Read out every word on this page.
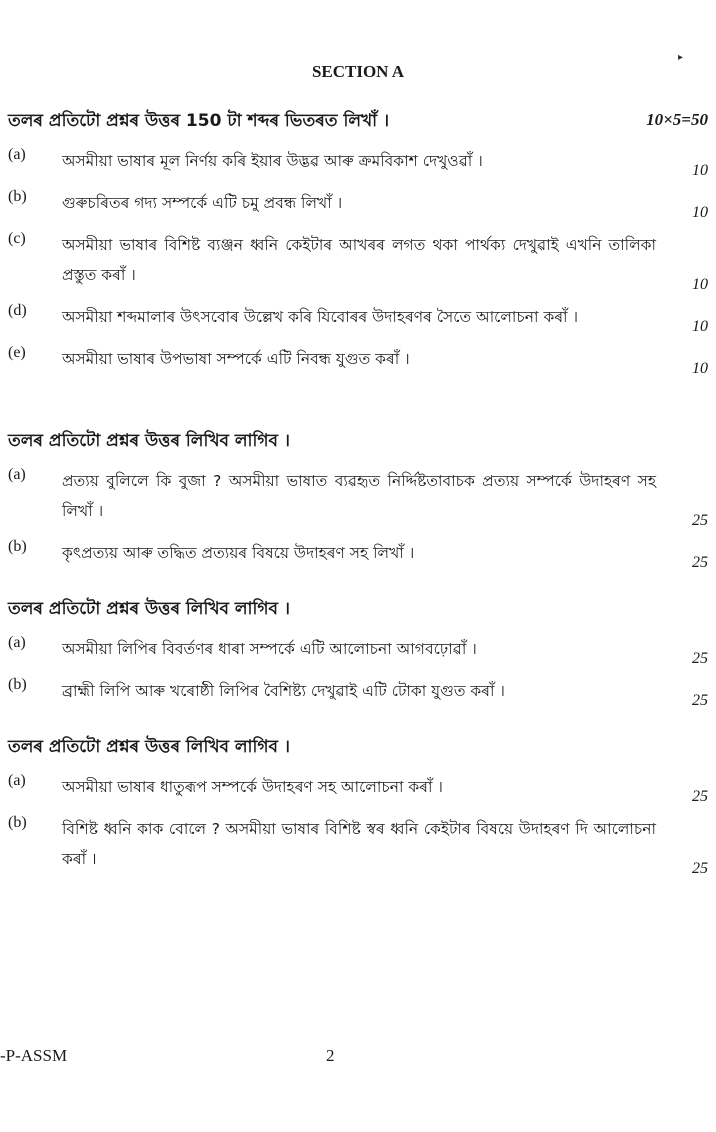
SECTION A
▸
তলৰ প্ৰতিটো প্ৰশ্নৰ উত্তৰ 150 টা শব্দৰ ভিতৰত লিখাঁ ।	10×5=50
(a) অসমীয়া ভাষাৰ মূল নিৰ্ণয় কৰি ইয়াৰ উদ্ভৱ আৰু ক্ৰমবিকাশ দেখুওৱাঁ ।
10
(b) গুৰুচৰিতৰ গদ্য সম্পৰ্কে এটি চমু প্ৰবন্ধ লিখাঁ ।
10
(c) অসমীয়া ভাষাৰ বিশিষ্ট ব্যঞ্জন ধ্বনি কেইটাৰ আখৰৰ লগত থকা পাৰ্থক্য দেখুৱাই এখনি তালিকা প্ৰস্তুত কৰাঁ ।
10
(d) অসমীয়া শব্দমালাৰ উৎসবোৰ উল্লেখ কৰি যিবোৰৰ উদাহৰণৰ সৈতে আলোচনা কৰাঁ ।
10
(e) অসমীয়া ভাষাৰ উপভাষা সম্পৰ্কে এটি নিবন্ধ যুগুত কৰাঁ ।
10
তলৰ প্ৰতিটো প্ৰশ্নৰ উত্তৰ লিখিব লাগিব ।
(a) প্ৰত্যয় বুলিলে কি বুজা ? অসমীয়া ভাষাত ব্যৱহৃত নিৰ্দ্দিষ্টতাবাচক প্ৰত্যয় সম্পৰ্কে উদাহৰণ সহ লিখাঁ ।
25
(b) কৃৎপ্ৰত্যয় আৰু তদ্ধিত প্ৰত্যয়ৰ বিষয়ে উদাহৰণ সহ লিখাঁ ।
25
তলৰ প্ৰতিটো প্ৰশ্নৰ উত্তৰ লিখিব লাগিব ।
(a) অসমীয়া লিপিৰ বিবৰ্তণৰ ধাৰা সম্পৰ্কে এটি আলোচনা আগবঢ়োৱাঁ ।
25
(b) ব্ৰাহ্মী লিপি আৰু খৰোষ্ঠী লিপিৰ বৈশিষ্ট্য দেখুৱাই এটি টোকা যুগুত কৰাঁ ।
25
তলৰ প্ৰতিটো প্ৰশ্নৰ উত্তৰ লিখিব লাগিব ।
(a) অসমীয়া ভাষাৰ ধাতুৰূপ সম্পৰ্কে উদাহৰণ সহ আলোচনা কৰাঁ ।
25
(b) বিশিষ্ট ধ্বনি কাক বোলে ? অসমীয়া ভাষাৰ বিশিষ্ট স্বৰ ধ্বনি কেইটাৰ বিষয়ে উদাহৰণ দি আলোচনা কৰাঁ ।
25
-P-ASSM	2
